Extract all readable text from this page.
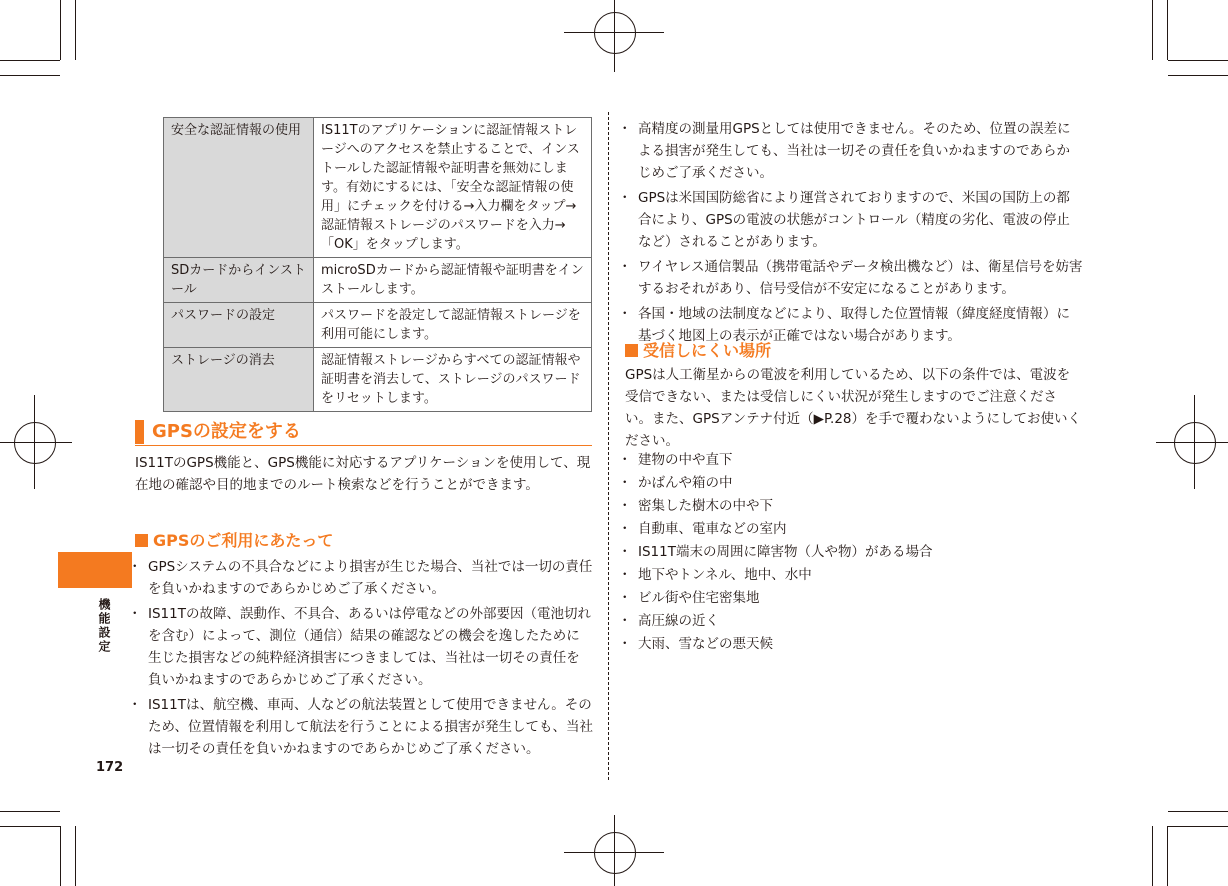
機能設定
172
安全な認証情報の使用	IS11Tのアプリケーションに認証情報ストレージへのアクセスを禁止することで、インストールした認証情報や証明書を無効にします。有効にするには、「安全な認証情報の使用」にチェックを付ける→入力欄をタップ→認証情報ストレージのパスワードを入力→「OK」をタップします。
SDカードからインストール	microSDカードから認証情報や証明書をインストールします。
パスワードの設定	パスワードを設定して認証情報ストレージを利用可能にします。
ストレージの消去	認証情報ストレージからすべての認証情報や証明書を消去して、ストレージのパスワードをリセットします。
GPSの設定をする
IS11TのGPS機能と、GPS機能に対応するアプリケーションを使用して、現在地の確認や目的地までのルート検索などを行うことができます。
GPSのご利用にあたって
・ GPSシステムの不具合などにより損害が生じた場合、当社では一切の責任を負いかねますのであらかじめご了承ください。
・ IS11Tの故障、誤動作、不具合、あるいは停電などの外部要因（電池切れを含む）によって、測位（通信）結果の確認などの機会を逸したために生じた損害などの純粋経済損害につきましては、当社は一切その責任を負いかねますのであらかじめご了承ください。
・ IS11Tは、航空機、車両、人などの航法装置として使用できません。そのため、位置情報を利用して航法を行うことによる損害が発生しても、当社は一切その責任を負いかねますのであらかじめご了承ください。
・ 高精度の測量用GPSとしては使用できません。そのため、位置の誤差による損害が発生しても、当社は一切その責任を負いかねますのであらかじめご了承ください。
・ GPSは米国国防総省により運営されておりますので、米国の国防上の都合により、GPSの電波の状態がコントロール（精度の劣化、電波の停止など）されることがあります。
・ ワイヤレス通信製品（携帯電話やデータ検出機など）は、衛星信号を妨害するおそれがあり、信号受信が不安定になることがあります。
・ 各国・地域の法制度などにより、取得した位置情報（緯度経度情報）に基づく地図上の表示が正確ではない場合があります。
受信しにくい場所
GPSは人工衛星からの電波を利用しているため、以下の条件では、電波を受信できない、または受信しにくい状況が発生しますのでご注意ください。また、GPSアンテナ付近（▶P.28）を手で覆わないようにしてお使いください。
・ 建物の中や直下
・ かばんや箱の中
・ 密集した樹木の中や下
・ 自動車、電車などの室内
・ IS11T端末の周囲に障害物（人や物）がある場合
・ 地下やトンネル、地中、水中
・ ビル街や住宅密集地
・ 高圧線の近く
・ 大雨、雪などの悪天候
